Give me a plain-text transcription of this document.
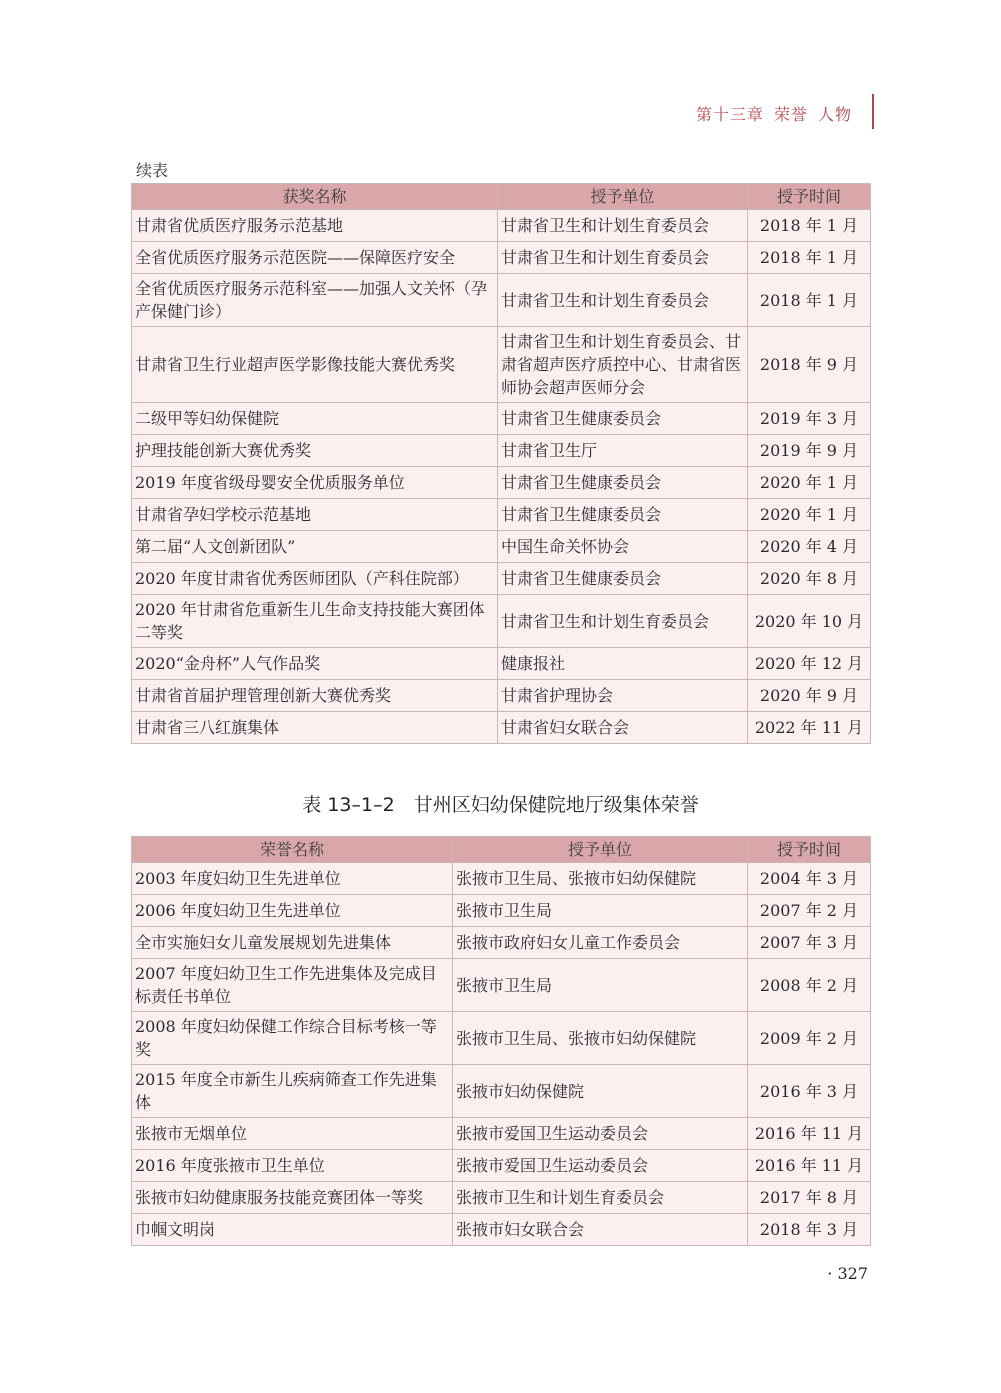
第十三章 荣誉 人物
续表
获奖名称	授予单位	授予时间
甘肃省优质医疗服务示范基地	甘肃省卫生和计划生育委员会	2018 年 1 月
全省优质医疗服务示范医院——保障医疗安全	甘肃省卫生和计划生育委员会	2018 年 1 月
全省优质医疗服务示范科室——加强人文关怀（孕产保健门诊）	甘肃省卫生和计划生育委员会	2018 年 1 月
甘肃省卫生行业超声医学影像技能大赛优秀奖	甘肃省卫生和计划生育委员会、甘肃省超声医疗质控中心、甘肃省医师协会超声医师分会	2018 年 9 月
二级甲等妇幼保健院	甘肃省卫生健康委员会	2019 年 3 月
护理技能创新大赛优秀奖	甘肃省卫生厅	2019 年 9 月
2019 年度省级母婴安全优质服务单位	甘肃省卫生健康委员会	2020 年 1 月
甘肃省孕妇学校示范基地	甘肃省卫生健康委员会	2020 年 1 月
第二届“人文创新团队”	中国生命关怀协会	2020 年 4 月
2020 年度甘肃省优秀医师团队（产科住院部）	甘肃省卫生健康委员会	2020 年 8 月
2020 年甘肃省危重新生儿生命支持技能大赛团体二等奖	甘肃省卫生和计划生育委员会	2020 年 10 月
2020“金舟杯”人气作品奖	健康报社	2020 年 12 月
甘肃省首届护理管理创新大赛优秀奖	甘肃省护理协会	2020 年 9 月
甘肃省三八红旗集体	甘肃省妇女联合会	2022 年 11 月
表 13–1–2　甘州区妇幼保健院地厅级集体荣誉
荣誉名称	授予单位	授予时间
2003 年度妇幼卫生先进单位	张掖市卫生局、张掖市妇幼保健院	2004 年 3 月
2006 年度妇幼卫生先进单位	张掖市卫生局	2007 年 2 月
全市实施妇女儿童发展规划先进集体	张掖市政府妇女儿童工作委员会	2007 年 3 月
2007 年度妇幼卫生工作先进集体及完成目标责任书单位	张掖市卫生局	2008 年 2 月
2008 年度妇幼保健工作综合目标考核一等奖	张掖市卫生局、张掖市妇幼保健院	2009 年 2 月
2015 年度全市新生儿疾病筛查工作先进集体	张掖市妇幼保健院	2016 年 3 月
张掖市无烟单位	张掖市爱国卫生运动委员会	2016 年 11 月
2016 年度张掖市卫生单位	张掖市爱国卫生运动委员会	2016 年 11 月
张掖市妇幼健康服务技能竞赛团体一等奖	张掖市卫生和计划生育委员会	2017 年 8 月
巾帼文明岗	张掖市妇女联合会	2018 年 3 月
· 327
